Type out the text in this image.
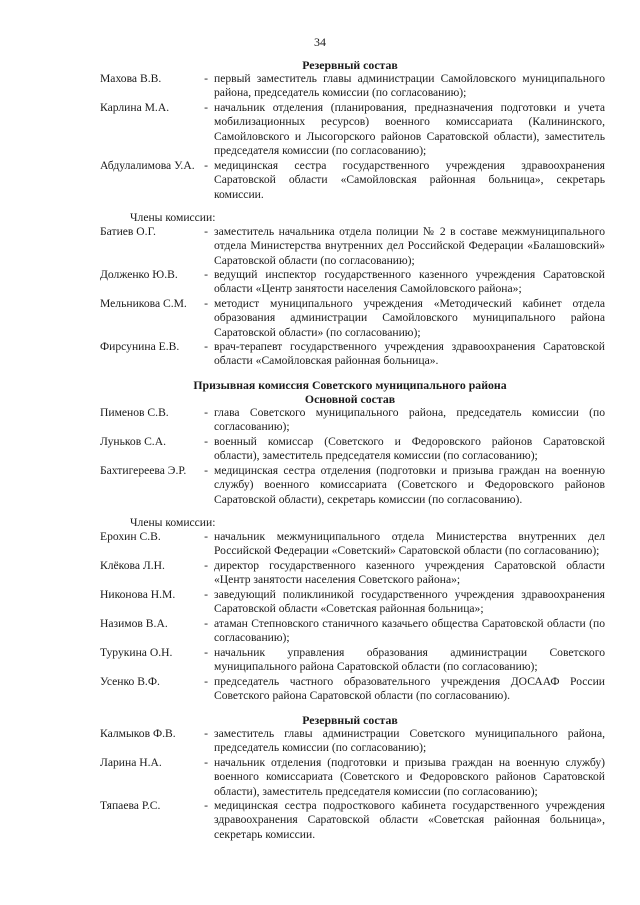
34
Резервный состав
Махова В.В.	- первый заместитель главы администрации Самойловского муниципального района, председатель комиссии (по согласованию);
Карлина М.А.	- начальник отделения (планирования, предназначения подготовки и учета мобилизационных ресурсов) военного комиссариата (Калининского, Самойловского и Лысогорского районов Саратовской области), заместитель председателя комиссии (по согласованию);
Абдулалимова У.А. - медицинская сестра государственного учреждения здравоохранения Саратовской области «Самойловская районная больница», секретарь комиссии.
Члены комиссии:
Батиев О.Г.	- заместитель начальника отдела полиции № 2 в составе межмуниципального отдела Министерства внутренних дел Российской Федерации «Балашовский» Саратовской области (по согласованию);
Долженко Ю.В.	- ведущий инспектор государственного казенного учреждения Саратовской области «Центр занятости населения Самойловского района»;
Мельникова С.М.	- методист муниципального учреждения «Методический кабинет отдела образования администрации Самойловского муниципального района Саратовской области» (по согласованию);
Фирсунина Е.В.	- врач-терапевт государственного учреждения здравоохранения Саратовской области «Самойловская районная больница».
Призывная комиссия Советского муниципального района
Основной состав
Пименов С.В.	- глава Советского муниципального района, председатель комиссии (по согласованию);
Луньков С.А.	- военный комиссар (Советского и Федоровского районов Саратовской области), заместитель председателя комиссии (по согласованию);
Бахтигереева Э.Р.	- медицинская сестра отделения (подготовки и призыва граждан на военную службу) военного комиссариата (Советского и Федоровского районов Саратовской области), секретарь комиссии (по согласованию).
Члены комиссии:
Ерохин С.В.	- начальник межмуниципального отдела Министерства внутренних дел Российской Федерации «Советский» Саратовской области (по согласованию);
Клёкова Л.Н.	- директор государственного казенного учреждения Саратовской области «Центр занятости населения Советского района»;
Никонова Н.М.	- заведующий поликлиникой государственного учреждения здравоохранения Саратовской области «Советская районная больница»;
Назимов В.А.	- атаман Степновского станичного казачьего общества Саратовской области (по согласованию);
Турукина О.Н.	- начальник управления образования администрации Советского муниципального района Саратовской области (по согласованию);
Усенко В.Ф.	- председатель частного образовательного учреждения ДОСААФ России Советского района Саратовской области (по согласованию).
Резервный состав
Калмыков Ф.В.	- заместитель главы администрации Советского муниципального района, председатель комиссии (по согласованию);
Ларина Н.А.	- начальник отделения (подготовки и призыва граждан на военную службу) военного комиссариата (Советского и Федоровского районов Саратовской области), заместитель председателя комиссии (по согласованию);
Тяпаева Р.С.	- медицинская сестра подросткового кабинета государственного учреждения здравоохранения Саратовской области «Советская районная больница», секретарь комиссии.
